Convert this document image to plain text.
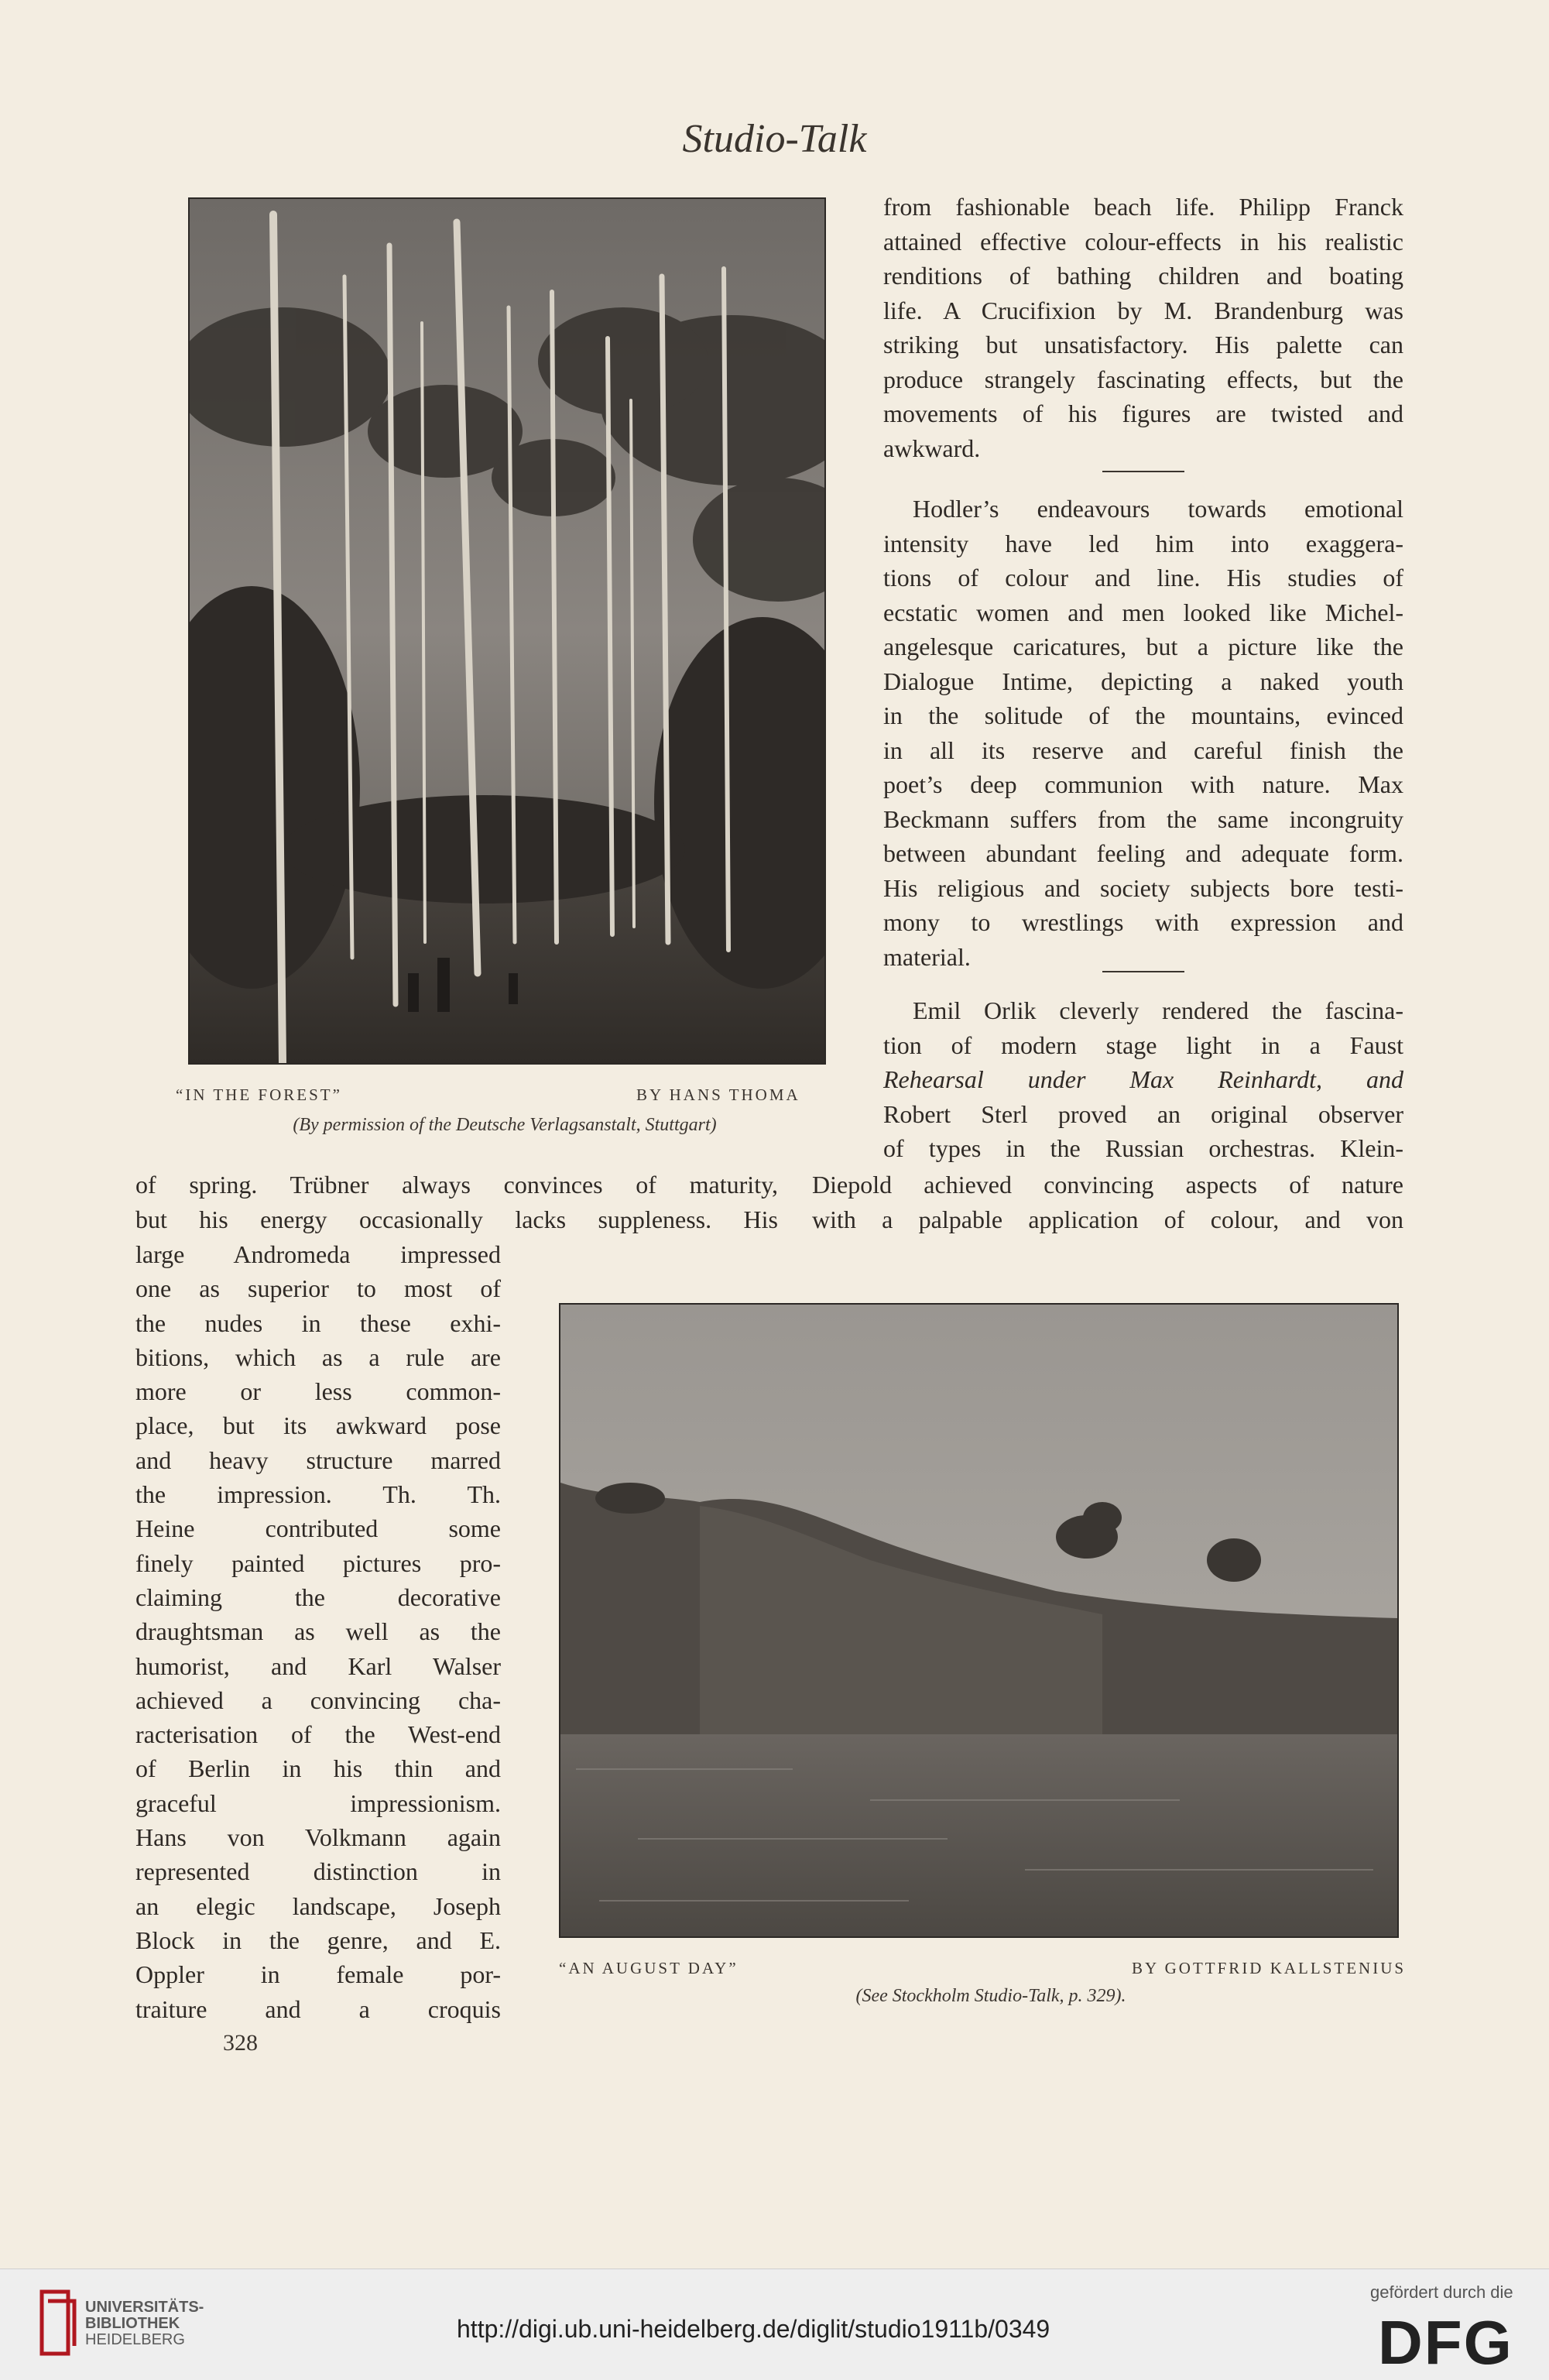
Studio-Talk
“IN THE FOREST”	BY HANS THOMA
(By permission of the Deutsche Verlagsanstalt, Stuttgart)
from fashionable beach life. Philipp Franck
attained effective colour-effects in his realistic
renditions of bathing children and boating
life. A Crucifixion by M. Brandenburg was
striking but unsatisfactory. His palette can
produce strangely fascinating effects, but the
movements of his figures are twisted and
awkward.
Hodler’s endeavours towards emotional
intensity have led him into exaggera-
tions of colour and line. His studies of
ecstatic women and men looked like Michel-
angelesque caricatures, but a picture like the
Dialogue Intime, depicting a naked youth
in the solitude of the mountains, evinced
in all its reserve and careful finish the
poet’s deep communion with nature. Max
Beckmann suffers from the same incongruity
between abundant feeling and adequate form.
His religious and society subjects bore testi-
mony to wrestlings with expression and
material.
Emil Orlik cleverly rendered the fascina-
tion of modern stage light in a Faust
Rehearsal under Max Reinhardt, and
Robert Sterl proved an original observer
of types in the Russian orchestras. Klein-
of spring. Trübner always convinces of maturity,
but his energy occasionally lacks suppleness. His
Diepold achieved convincing aspects of nature
with a palpable application of colour, and von
large Andromeda impressed
one as superior to most of
the nudes in these exhi-
bitions, which as a rule are
more or less common-
place, but its awkward pose
and heavy structure marred
the impression. Th. Th.
Heine contributed some
finely painted pictures pro-
claiming the decorative
draughtsman as well as the
humorist, and Karl Walser
achieved a convincing cha-
racterisation of the West-end
of Berlin in his thin and
graceful impressionism.
Hans von Volkmann again
represented distinction in
an elegic landscape, Joseph
Block in the genre, and E.
Oppler in female por-
traiture and a croquis
“AN AUGUST DAY”	BY GOTTFRID KALLSTENIUS
(See Stockholm Studio-Talk, p. 329).
328
UNIVERSITÄTS-
BIBLIOTHEK
HEIDELBERG	http://digi.ub.uni-heidelberg.de/diglit/studio1911b/0349
gefördert durch die
DFG
